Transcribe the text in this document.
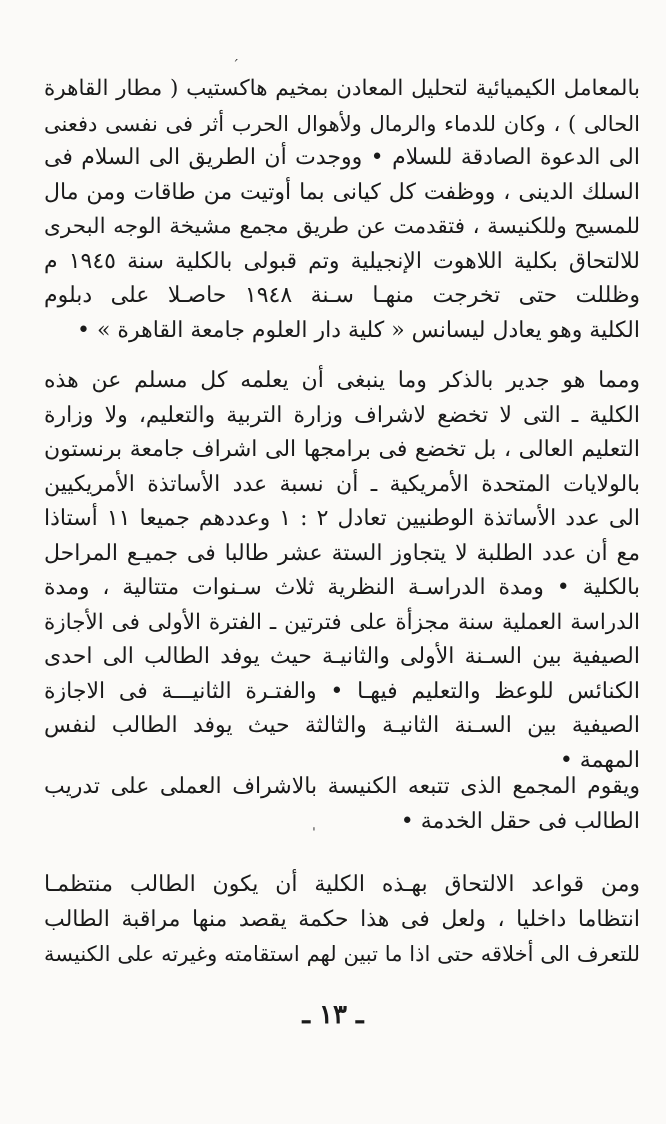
´
بالمعامل الكيميائية لتحليل المعادن بمخيم هاكستيب ( مطار القاهرة
الحالى ) ، وكان للدماء والرمال ولأهوال الحرب أثر فى نفسى دفعنى
الى الدعوة الصادقة للسلام • ووجدت أن الطريق الى السلام فى
السلك الدينى ، ووظفت كل كيانى بما أوتيت من طاقات ومن مال
للمسيح وللكنيسة ، فتقدمت عن طريق مجمع مشيخة الوجه البحرى
للالتحاق بكلية اللاهوت الإنجيلية وتم قبولى بالكلية سنة ١٩٤٥ م
وظللت حتى تخرجت منهـا سـنة ١٩٤٨ حاصـلا على دبلوم
الكلية وهو يعادل ليسانس « كلية دار العلوم جامعة القاهرة » •
ومما هو جدير بالذكر وما ينبغى أن يعلمه كل مسلم عن هذه
الكلية ـ التى لا تخضع لاشراف وزارة التربية والتعليم، ولا وزارة
التعليم العالى ، بل تخضع فى برامجها الى اشراف جامعة برنستون
بالولايات المتحدة الأمريكية ـ أن نسبة عدد الأساتذة الأمريكيين
الى عدد الأساتذة الوطنيين تعادل ٢ : ١ وعددهم جميعا ١١ أستاذا
مع أن عدد الطلبة لا يتجاوز الستة عشر طالبا فى جميـع المراحل
بالكلية • ومدة الدراسـة النظرية ثلاث سـنوات متتالية ، ومدة
الدراسة العملية سنة مجزأة على فترتين ـ الفترة الأولى فى الأجازة
الصيفية بين السـنة الأولى والثانيـة حيث يوفد الطالب الى احدى
الكنائس للوعظ والتعليم فيهـا • والفتـرة الثانيـــة فى الاجازة
الصيفية بين السـنة الثانيـة والثالثة حيث يوفد الطالب لنفس
المهمة •
ويقوم المجمع الذى تتبعه الكنيسة بالاشراف العملى على تدريب
الطالب فى حقل الخدمة •
ˈ
ومن قواعد الالتحاق بهـذه الكلية أن يكون الطالب منتظمـا
انتظاما داخليا ، ولعل فى هذا حكمة يقصد منها مراقبة الطالب
للتعرف الى أخلاقه حتى اذا ما تبين لهم استقامته وغيرته على الكنيسة
ـ ١٣ ـ
